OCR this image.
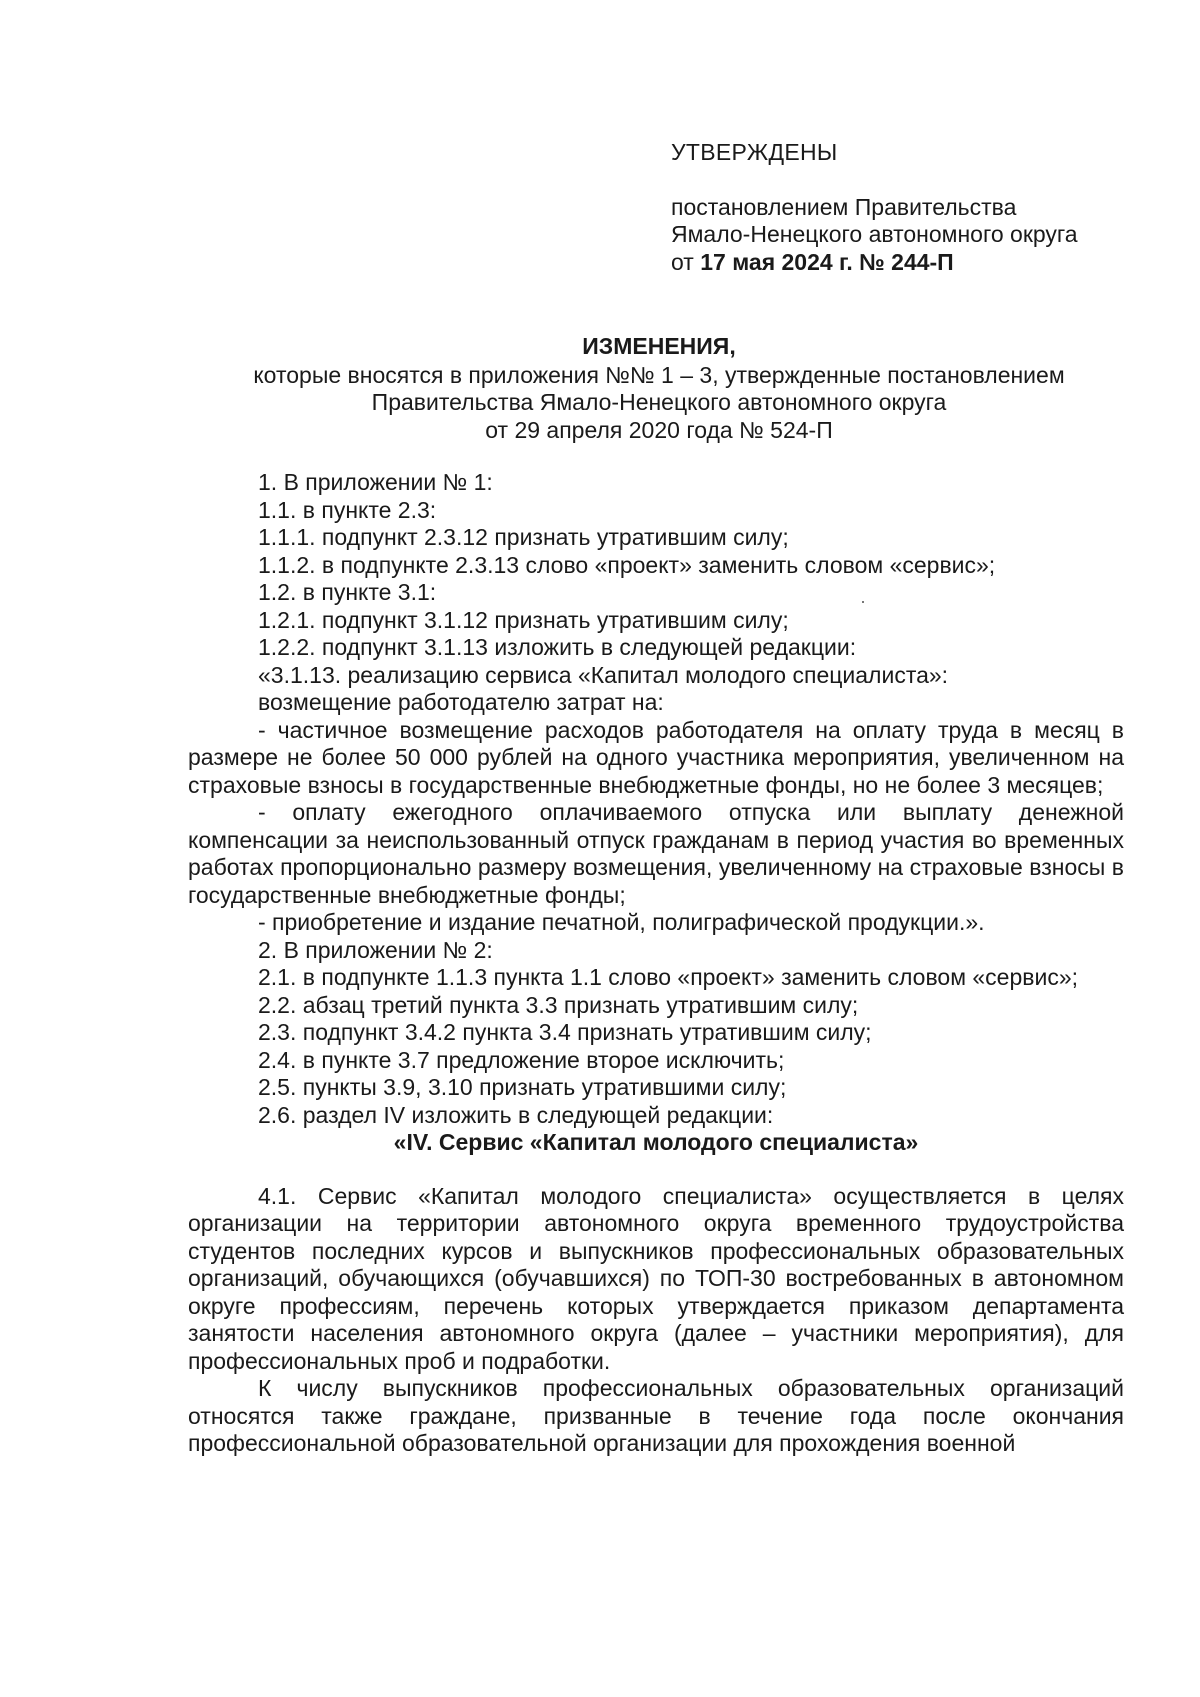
УТВЕРЖДЕНЫ

постановлением Правительства

Ямало-Ненецкого автономного округа

от 17 мая 2024 г. № 244-П

ИЗМЕНЕНИЯ,

которые вносятся в приложения №№ 1 – 3, утвержденные постановлением

Правительства Ямало-Ненецкого автономного округа

от 29 апреля 2020 года № 524-П

1. В приложении № 1:

1.1. в пункте 2.3:

1.1.1. подпункт 2.3.12 признать утратившим силу;

1.1.2. в подпункте 2.3.13 слово «проект» заменить словом «сервис»;

1.2. в пункте 3.1:

1.2.1. подпункт 3.1.12 признать утратившим силу;

1.2.2. подпункт 3.1.13 изложить в следующей редакции:

«3.1.13. реализацию сервиса «Капитал молодого специалиста»:

возмещение работодателю затрат на:

- частичное возмещение расходов работодателя на оплату труда в месяц в размере не более 50 000 рублей на одного участника мероприятия, увеличенном на страховые взносы в государственные внебюджетные фонды, но не более 3 месяцев;

- оплату ежегодного оплачиваемого отпуска или выплату денежной компенсации за неиспользованный отпуск гражданам в период участия во временных работах пропорционально размеру возмещения, увеличенному на страховые взносы в государственные внебюджетные фонды;

- приобретение и издание печатной, полиграфической продукции.».

2. В приложении № 2:

2.1. в подпункте 1.1.3 пункта 1.1 слово «проект» заменить словом «сервис»;

2.2. абзац третий пункта 3.3 признать утратившим силу;

2.3. подпункт 3.4.2 пункта 3.4 признать утратившим силу;

2.4. в пункте 3.7 предложение второе исключить;

2.5. пункты 3.9, 3.10 признать утратившими силу;

2.6. раздел IV изложить в следующей редакции:

«IV. Сервис «Капитал молодого специалиста»

4.1. Сервис «Капитал молодого специалиста» осуществляется в целях организации на территории автономного округа временного трудоустройства студентов последних курсов и выпускников профессиональных образовательных организаций, обучающихся (обучавшихся) по ТОП-30 востребованных в автономном округе профессиям, перечень которых утверждается приказом департамента занятости населения автономного округа (далее – участники мероприятия), для профессиональных проб и подработки.

К числу выпускников профессиональных образовательных организаций относятся также граждане, призванные в течение года после окончания профессиональной образовательной организации для прохождения военной
